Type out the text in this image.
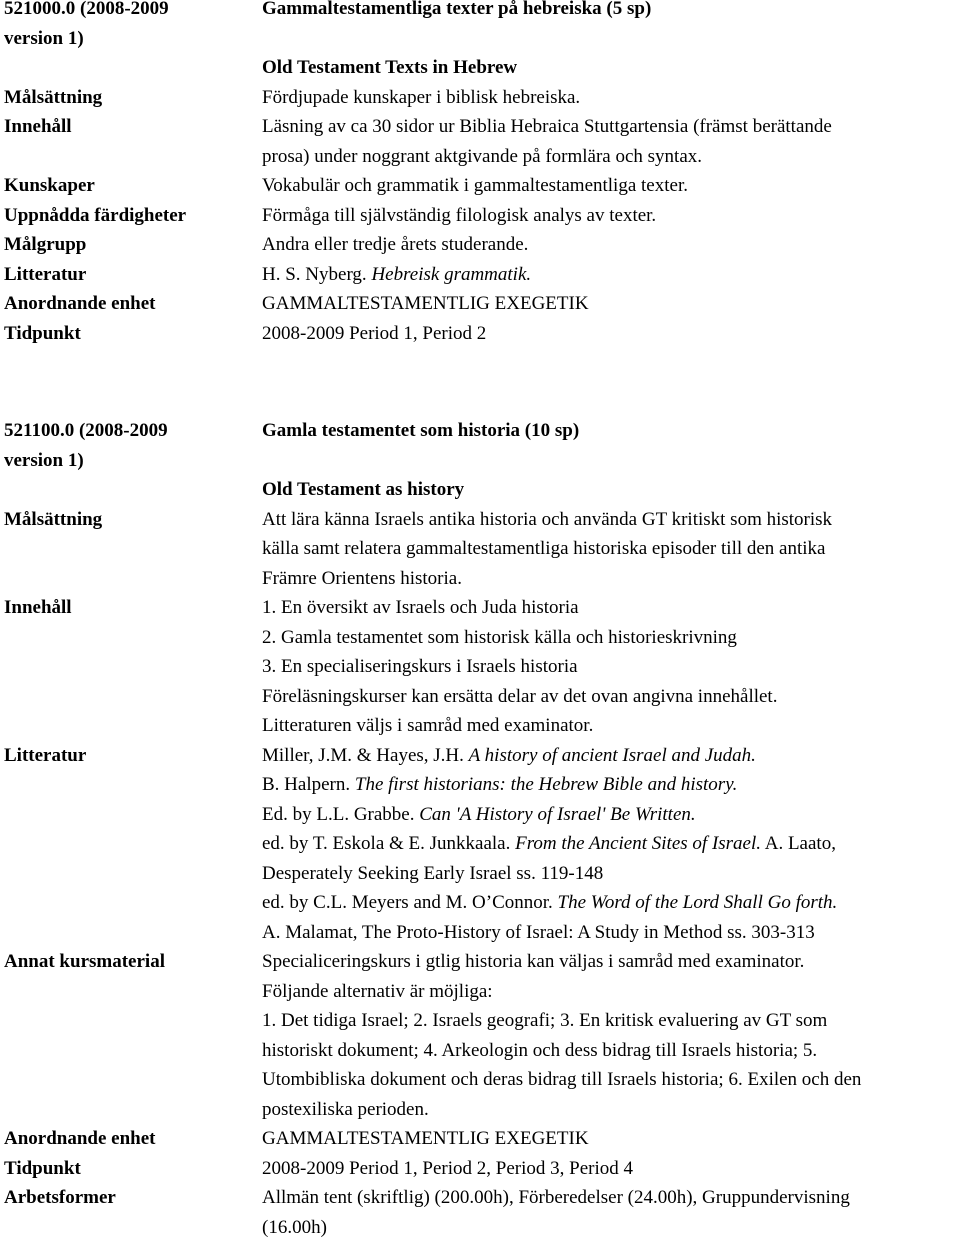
521000.0 (2008-2009	Gammaltestamentliga texter på hebreiska (5 sp)
version 1)
Old Testament Texts in Hebrew
Målsättning	Fördjupade kunskaper i biblisk hebreiska.
Innehåll	Läsning av ca 30 sidor ur Biblia Hebraica Stuttgartensia (främst berättande
prosa) under noggrant aktgivande på formlära och syntax.
Kunskaper	Vokabulär och grammatik i gammaltestamentliga texter.
Uppnådda färdigheter	Förmåga till självständig filologisk analys av texter.
Målgrupp	Andra eller tredje årets studerande.
Litteratur	H. S. Nyberg. Hebreisk grammatik.
Anordnande enhet	GAMMALTESTAMENTLIG EXEGETIK
Tidpunkt	2008-2009 Period 1, Period 2
521100.0 (2008-2009	Gamla testamentet som historia (10 sp)
version 1)
Old Testament as history
Målsättning	Att lära känna Israels antika historia och använda GT kritiskt som historisk
källa samt relatera gammaltestamentliga historiska episoder till den antika
Främre Orientens historia.
Innehåll	1. En översikt av Israels och Juda historia
2. Gamla testamentet som historisk källa och historieskrivning
3. En specialiseringskurs i Israels historia
Föreläsningskurser kan ersätta delar av det ovan angivna innehållet.
Litteraturen väljs i samråd med examinator.
Litteratur	Miller, J.M. & Hayes, J.H. A history of ancient Israel and Judah.
B. Halpern. The first historians: the Hebrew Bible and history.
Ed. by L.L. Grabbe. Can 'A History of Israel' Be Written.
ed. by T. Eskola & E. Junkkaala. From the Ancient Sites of Israel. A. Laato,
Desperately Seeking Early Israel ss. 119-148
ed. by C.L. Meyers and M. O’Connor. The Word of the Lord Shall Go forth.
A. Malamat, The Proto-History of Israel: A Study in Method ss. 303-313
Annat kursmaterial	Specialiceringskurs i gtlig historia kan väljas i samråd med examinator.
Följande alternativ är möjliga:
1. Det tidiga Israel; 2. Israels geografi; 3. En kritisk evaluering av GT som
historiskt dokument; 4. Arkeologin och dess bidrag till Israels historia; 5.
Utombibliska dokument och deras bidrag till Israels historia; 6. Exilen och den
postexiliska perioden.
Anordnande enhet	GAMMALTESTAMENTLIG EXEGETIK
Tidpunkt	2008-2009 Period 1, Period 2, Period 3, Period 4
Arbetsformer	Allmän tent (skriftlig) (200.00h), Förberedelser (24.00h), Gruppundervisning
(16.00h)
